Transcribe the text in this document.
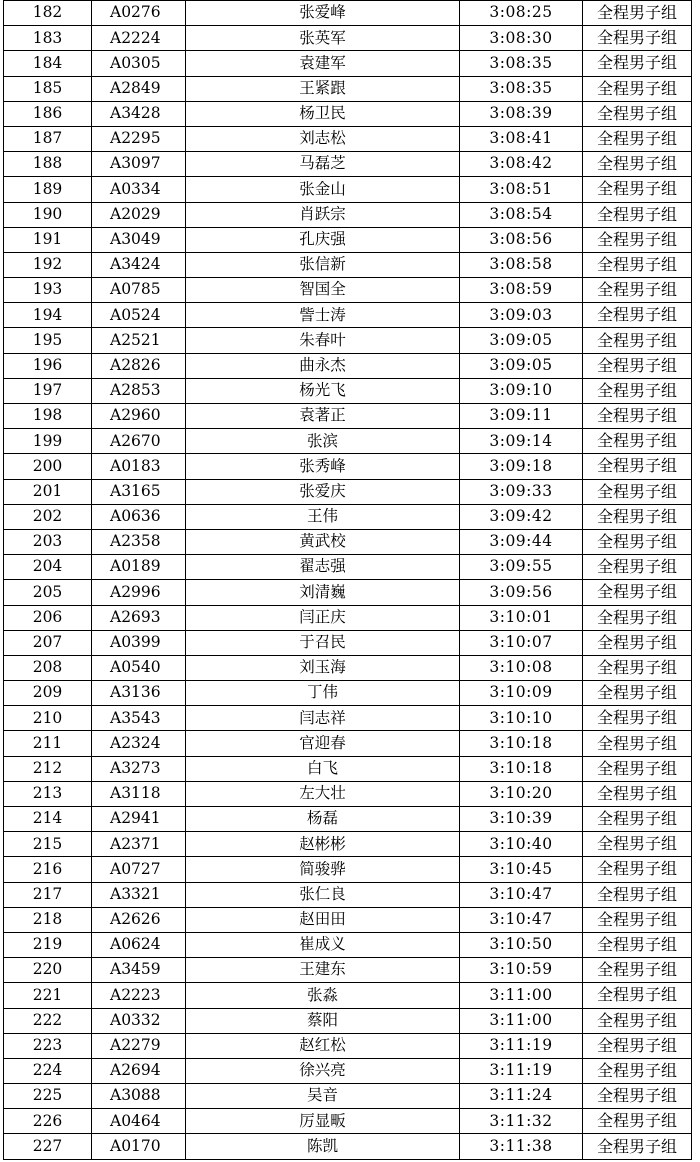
182	A0276	张爱峰	3:08:25	全程男子组
183	A2224	张英军	3:08:30	全程男子组
184	A0305	袁建军	3:08:35	全程男子组
185	A2849	王紧跟	3:08:35	全程男子组
186	A3428	杨卫民	3:08:39	全程男子组
187	A2295	刘志松	3:08:41	全程男子组
188	A3097	马磊芝	3:08:42	全程男子组
189	A0334	张金山	3:08:51	全程男子组
190	A2029	肖跃宗	3:08:54	全程男子组
191	A3049	孔庆强	3:08:56	全程男子组
192	A3424	张信新	3:08:58	全程男子组
193	A0785	智国全	3:08:59	全程男子组
194	A0524	訾士涛	3:09:03	全程男子组
195	A2521	朱春叶	3:09:05	全程男子组
196	A2826	曲永杰	3:09:05	全程男子组
197	A2853	杨光飞	3:09:10	全程男子组
198	A2960	袁著正	3:09:11	全程男子组
199	A2670	张滨	3:09:14	全程男子组
200	A0183	张秀峰	3:09:18	全程男子组
201	A3165	张爱庆	3:09:33	全程男子组
202	A0636	王伟	3:09:42	全程男子组
203	A2358	黄武校	3:09:44	全程男子组
204	A0189	翟志强	3:09:55	全程男子组
205	A2996	刘清巍	3:09:56	全程男子组
206	A2693	闫正庆	3:10:01	全程男子组
207	A0399	于召民	3:10:07	全程男子组
208	A0540	刘玉海	3:10:08	全程男子组
209	A3136	丁伟	3:10:09	全程男子组
210	A3543	闫志祥	3:10:10	全程男子组
211	A2324	官迎春	3:10:18	全程男子组
212	A3273	白飞	3:10:18	全程男子组
213	A3118	左大壮	3:10:20	全程男子组
214	A2941	杨磊	3:10:39	全程男子组
215	A2371	赵彬彬	3:10:40	全程男子组
216	A0727	简骏骅	3:10:45	全程男子组
217	A3321	张仁良	3:10:47	全程男子组
218	A2626	赵田田	3:10:47	全程男子组
219	A0624	崔成义	3:10:50	全程男子组
220	A3459	王建东	3:10:59	全程男子组
221	A2223	张淼	3:11:00	全程男子组
222	A0332	蔡阳	3:11:00	全程男子组
223	A2279	赵红松	3:11:19	全程男子组
224	A2694	徐兴亮	3:11:19	全程男子组
225	A3088	吴音	3:11:24	全程男子组
226	A0464	厉显畈	3:11:32	全程男子组
227	A0170	陈凯	3:11:38	全程男子组
